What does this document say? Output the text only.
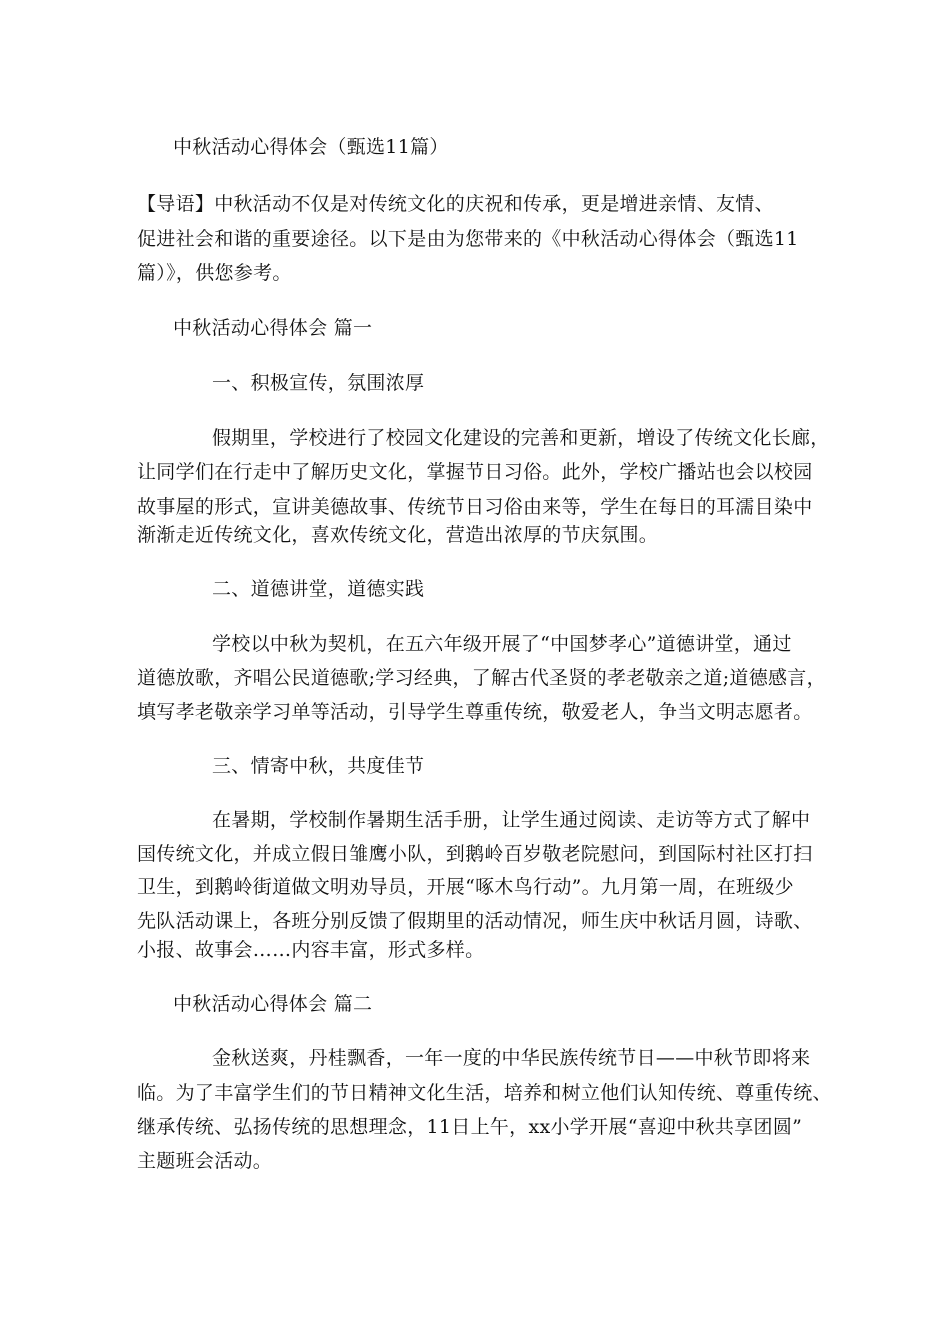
中秋活动心得体会（甄选11篇）
【导语】中秋活动不仅是对传统文化的庆祝和传承，更是增进亲情、友情、
促进社会和谐的重要途径。以下是由为您带来的《中秋活动心得体会（甄选11
篇）》，供您参考。
中秋活动心得体会 篇一
一、积极宣传，氛围浓厚
假期里，学校进行了校园文化建设的完善和更新，增设了传统文化长廊，
让同学们在行走中了解历史文化，掌握节日习俗。此外，学校广播站也会以校园
故事屋的形式，宣讲美德故事、传统节日习俗由来等，学生在每日的耳濡目染中
渐渐走近传统文化，喜欢传统文化，营造出浓厚的节庆氛围。
二、道德讲堂，道德实践
学校以中秋为契机，在五六年级开展了“中国梦孝心”道德讲堂，通过
道德放歌，齐唱公民道德歌;学习经典，了解古代圣贤的孝老敬亲之道;道德感言，
填写孝老敬亲学习单等活动，引导学生尊重传统，敬爱老人，争当文明志愿者。
三、情寄中秋，共度佳节
在暑期，学校制作暑期生活手册，让学生通过阅读、走访等方式了解中
国传统文化，并成立假日雏鹰小队，到鹅岭百岁敬老院慰问，到国际村社区打扫
卫生，到鹅岭街道做文明劝导员，开展“啄木鸟行动”。九月第一周，在班级少
先队活动课上，各班分别反馈了假期里的活动情况，师生庆中秋话月圆，诗歌、
小报、故事会……内容丰富，形式多样。
中秋活动心得体会 篇二
金秋送爽，丹桂飘香，一年一度的中华民族传统节日——中秋节即将来
临。为了丰富学生们的节日精神文化生活，培养和树立他们认知传统、尊重传统、
继承传统、弘扬传统的思想理念，11日上午，xx小学开展“喜迎中秋共享团圆”
主题班会活动。
